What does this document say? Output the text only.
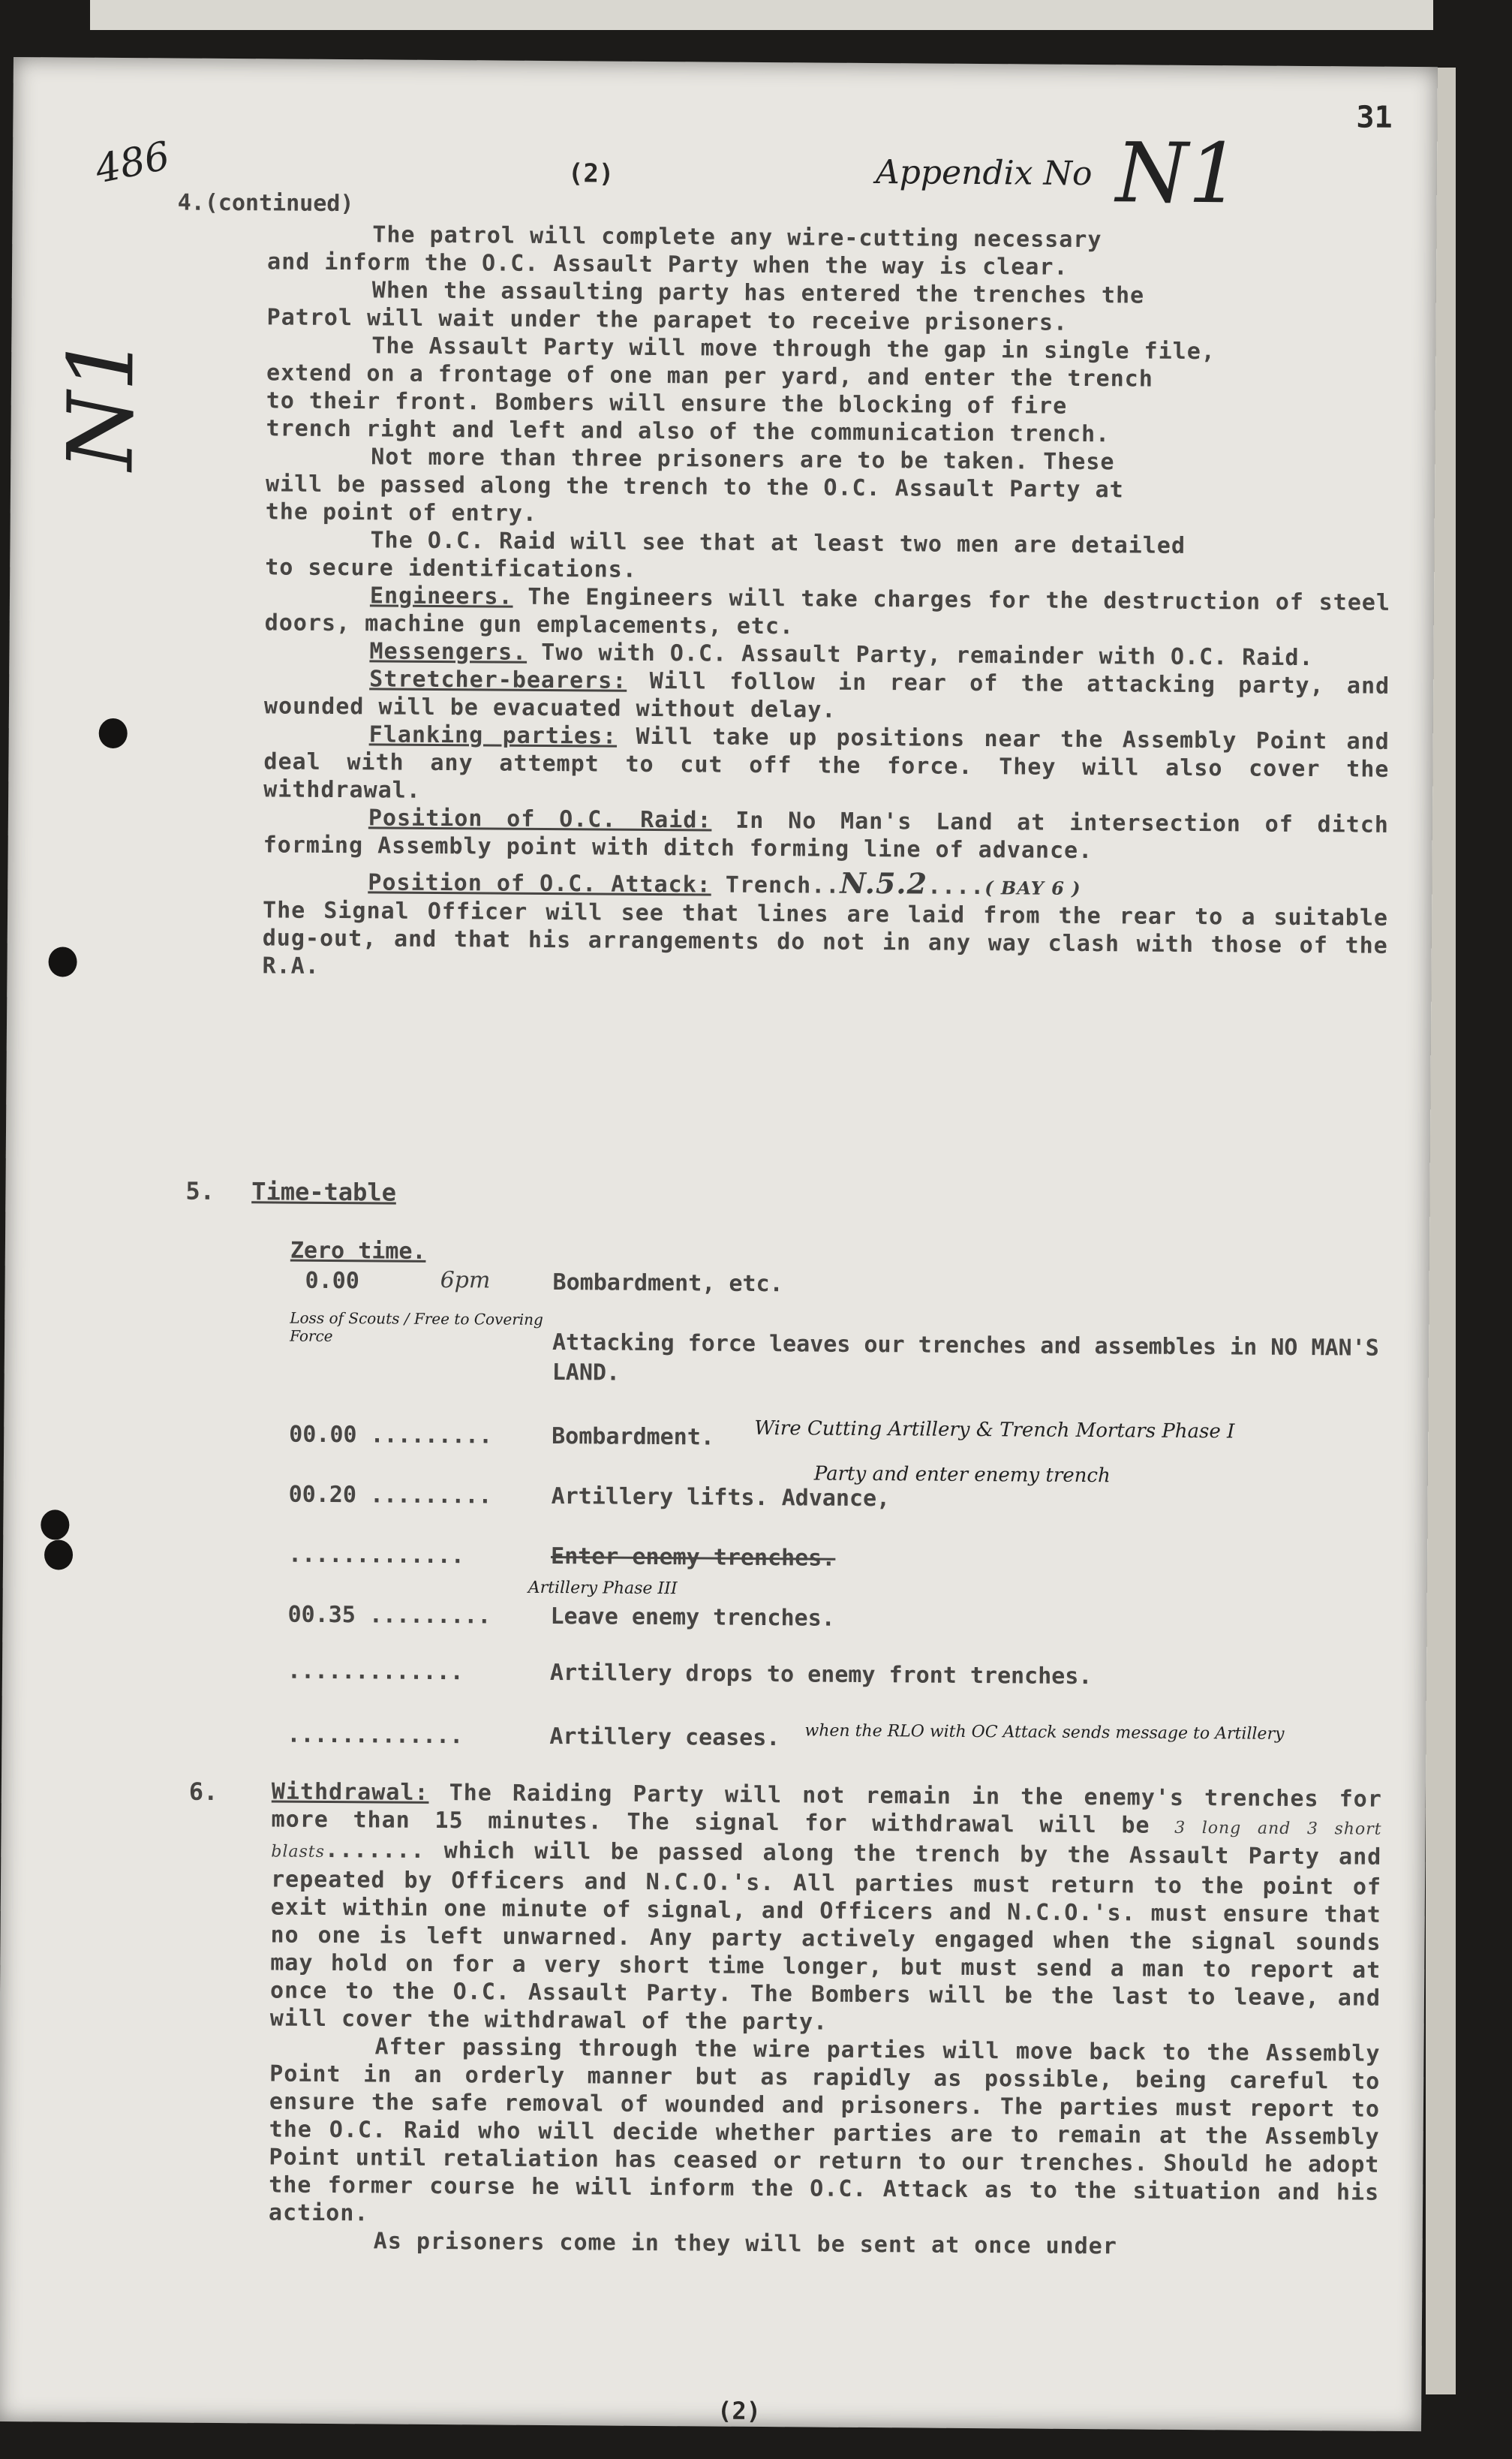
486	(2)	Appendix No N1
31
N1
4.(continued)

The patrol will complete any wire-cutting necessary

and inform the O.C. Assault Party when the way is clear.

When the assaulting party has entered the trenches the

Patrol will wait under the parapet to receive prisoners.

The Assault Party will move through the gap in single file,

extend on a frontage of one man per yard, and enter the trench

to their front. Bombers will ensure the blocking of fire

trench right and left and also of the communication trench.

Not more than three prisoners are to be taken. These

will be passed along the trench to the O.C. Assault Party at

the point of entry.

The O.C. Raid will see that at least two men are detailed

to secure identifications.

Engineers. The Engineers will take charges for the destruction of steel doors, machine gun emplacements, etc.

Messengers. Two with O.C. Assault Party, remainder with O.C. Raid.

Stretcher-bearers: Will follow in rear of the attacking party, and wounded will be evacuated without delay.

Flanking parties: Will take up positions near the Assembly Point and deal with any attempt to cut off the force. They will also cover the withdrawal.

Position of O.C. Raid: In No Man's Land at intersection of ditch forming Assembly point with ditch forming line of advance.

Position of O.C. Attack: Trench..N.5.2....( BAY 6 )

The Signal Officer will see that lines are laid from the rear to a suitable dug-out, and that his arrangements do not in any way clash with those of the R.A.

5. Time-table
Zero time.
0.00	6pm	Bombardment, etc.
Loss of Scouts / Free to Covering Force	Attacking force leaves our trenches and assembles in NO MAN'S LAND.
00.00 .........	Bombardment. Wire Cutting Artillery & Trench Mortars Phase I
00.20 .........	Artillery lifts. Advance,
Party and enter enemy trench
.............	Enter enemy trenches.
00.35 .........	Leave enemy trenches.
Artillery Phase III
.............	Artillery drops to enemy front trenches.
.............	Artillery ceases.	when the RLO with OC Attack sends message to Artillery
6. Withdrawal: The Raiding Party will not remain in the enemy's trenches for more than 15 minutes. The signal for withdrawal will be 3 long and 3 short blasts....... which will be passed along the trench by the Assault Party and repeated by Officers and N.C.O.'s. All parties must return to the point of exit within one minute of signal, and Officers and N.C.O.'s. must ensure that no one is left unwarned. Any party actively engaged when the signal sounds may hold on for a very short time longer, but must send a man to report at once to the O.C. Assault Party. The Bombers will be the last to leave, and will cover the withdrawal of the party.

After passing through the wire parties will move back to the Assembly Point in an orderly manner but as rapidly as possible, being careful to ensure the safe removal of wounded and prisoners. The parties must report to the O.C. Raid who will decide whether parties are to remain at the Assembly Point until retaliation has ceased or return to our trenches. Should he adopt the former course he will inform the O.C. Attack as to the situation and his action.

As prisoners come in they will be sent at once under

(2)
